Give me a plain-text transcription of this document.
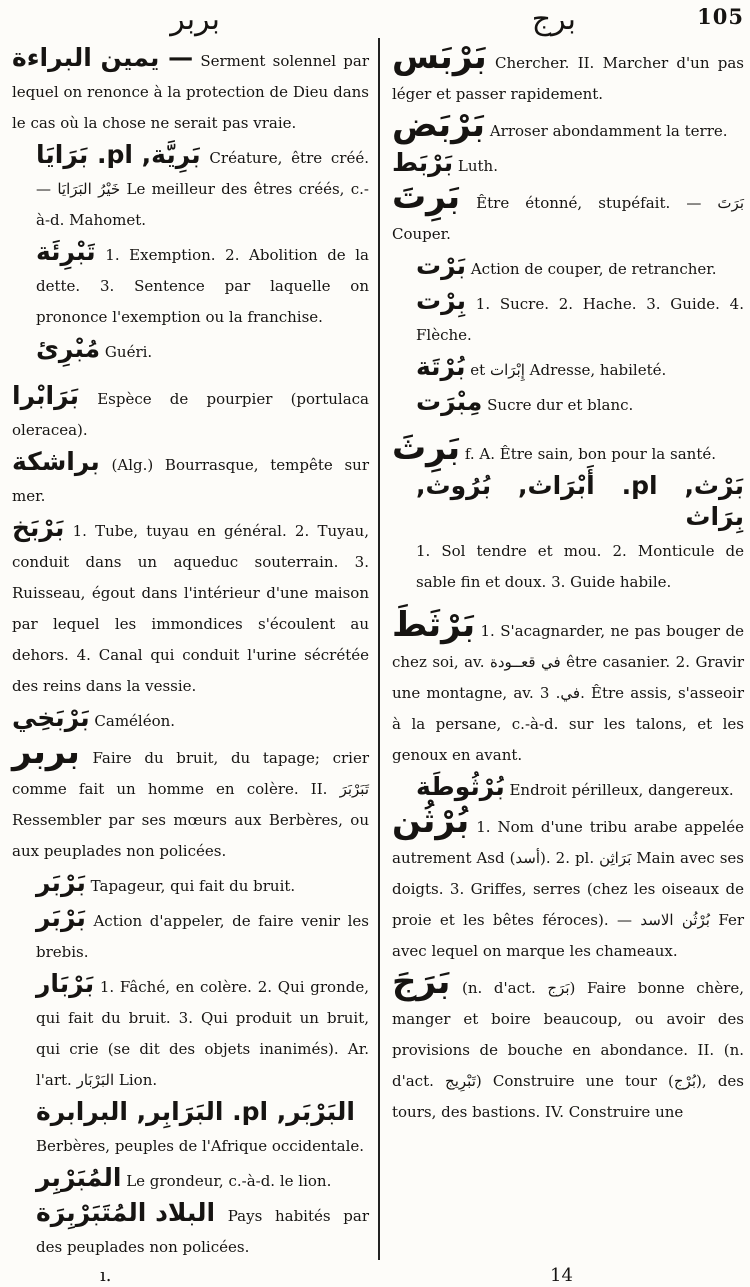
بربر	برج	105

— يمين البراءة Serment solennel par lequel on renonce à la protection de Dieu dans le cas où la chose ne serait pas vraie.

بَرِيَّة, pl. بَرَايَا Créature, être créé. — خَيْرُ البَرَايَا Le meilleur des êtres créés, c.-à-d. Mahomet.

تَبْرِئَة 1. Exemption. 2. Abolition de la dette. 3. Sentence par laquelle on prononce l'exemption ou la franchise.

مُبْرِئ Guéri.

بَرَابْرا Espèce de pourpier (portulaca oleracea).

براشكة (Alg.) Bourrasque, tempête sur mer.

بَرْبَخ 1. Tube, tuyau en général. 2. Tuyau, conduit dans un aqueduc souterrain. 3. Ruisseau, égout dans l'intérieur d'une maison par lequel les immondices s'écoulent au dehors. 4. Canal qui conduit l'urine sécrétée des reins dans la vessie.

بَرْبَخِي Caméléon.

بربر Faire du bruit, du tapage; crier comme fait un homme en colère. II. تَبَرْبَرَ Ressembler par ses mœurs aux Berbères, ou aux peuplades non policées.

بَرْبَر Tapageur, qui fait du bruit.

بَرْبَر Action d'appeler, de faire venir les brebis.

بَرْبَار 1. Fâché, en colère. 2. Qui gronde, qui fait du bruit. 3. Qui produit un bruit, qui crie (se dit des objets inanimés). Ar. l'art. البَرْبَار Lion.

البَرْبَر, pl. البَرَابِر, البرابرة Berbères, peuples de l'Afrique occidentale.

المُبَرْبِر Le grondeur, c.-à-d. le lion.

البلاد المُتَبَرْبِرَة Pays habités par des peuplades non policées.

بَرْبَس Chercher. II. Marcher d'un pas léger et passer rapidement.

بَرْبَض Arroser abondamment la terre.

بَرْبَط Luth.

بَرِتَ Être étonné, stupéfait. — بَرَتَ Couper.

بَرْت Action de couper, de retrancher.

بِرْت 1. Sucre. 2. Hache. 3. Guide. 4. Flèche.

بُرْتَة et إِبْرَات Adresse, habileté.

مِبْرَت Sucre dur et blanc.

بَرِثَ f. A. Être sain, bon pour la santé.

بَرْث, pl. أَبْرَاث, بُرُوث, بِرَاث 1. Sol tendre et mou. 2. Monticule de sable fin et doux. 3. Guide habile.

بَرْثَطَ 1. S'acagnarder, ne pas bouger de chez soi, av. في قعــودة être casanier. 2. Gravir une montagne, av. في. 3. Être assis, s'asseoir à la persane, c.-à-d. sur les talons, et les genoux en avant.

بُرْثُوطَة Endroit périlleux, dangereux.

بُرْثُن 1. Nom d'une tribu arabe appelée autrement Asd (أسد). 2. pl. بَرَاثِن Main avec ses doigts. 3. Griffes, serres (chez les oiseaux de proie et les bêtes féroces). — بُرْثُن الاسد Fer avec lequel on marque les chameaux.

بَرَجَ (n. d'act. بَرَج) Faire bonne chère, manger et boire beaucoup, ou avoir des provisions de bouche en abondance. II. (n. d'act. تَبْرِيج) Construire une tour (بُرْج), des tours, des bastions. IV. Construire une

ı.	14
